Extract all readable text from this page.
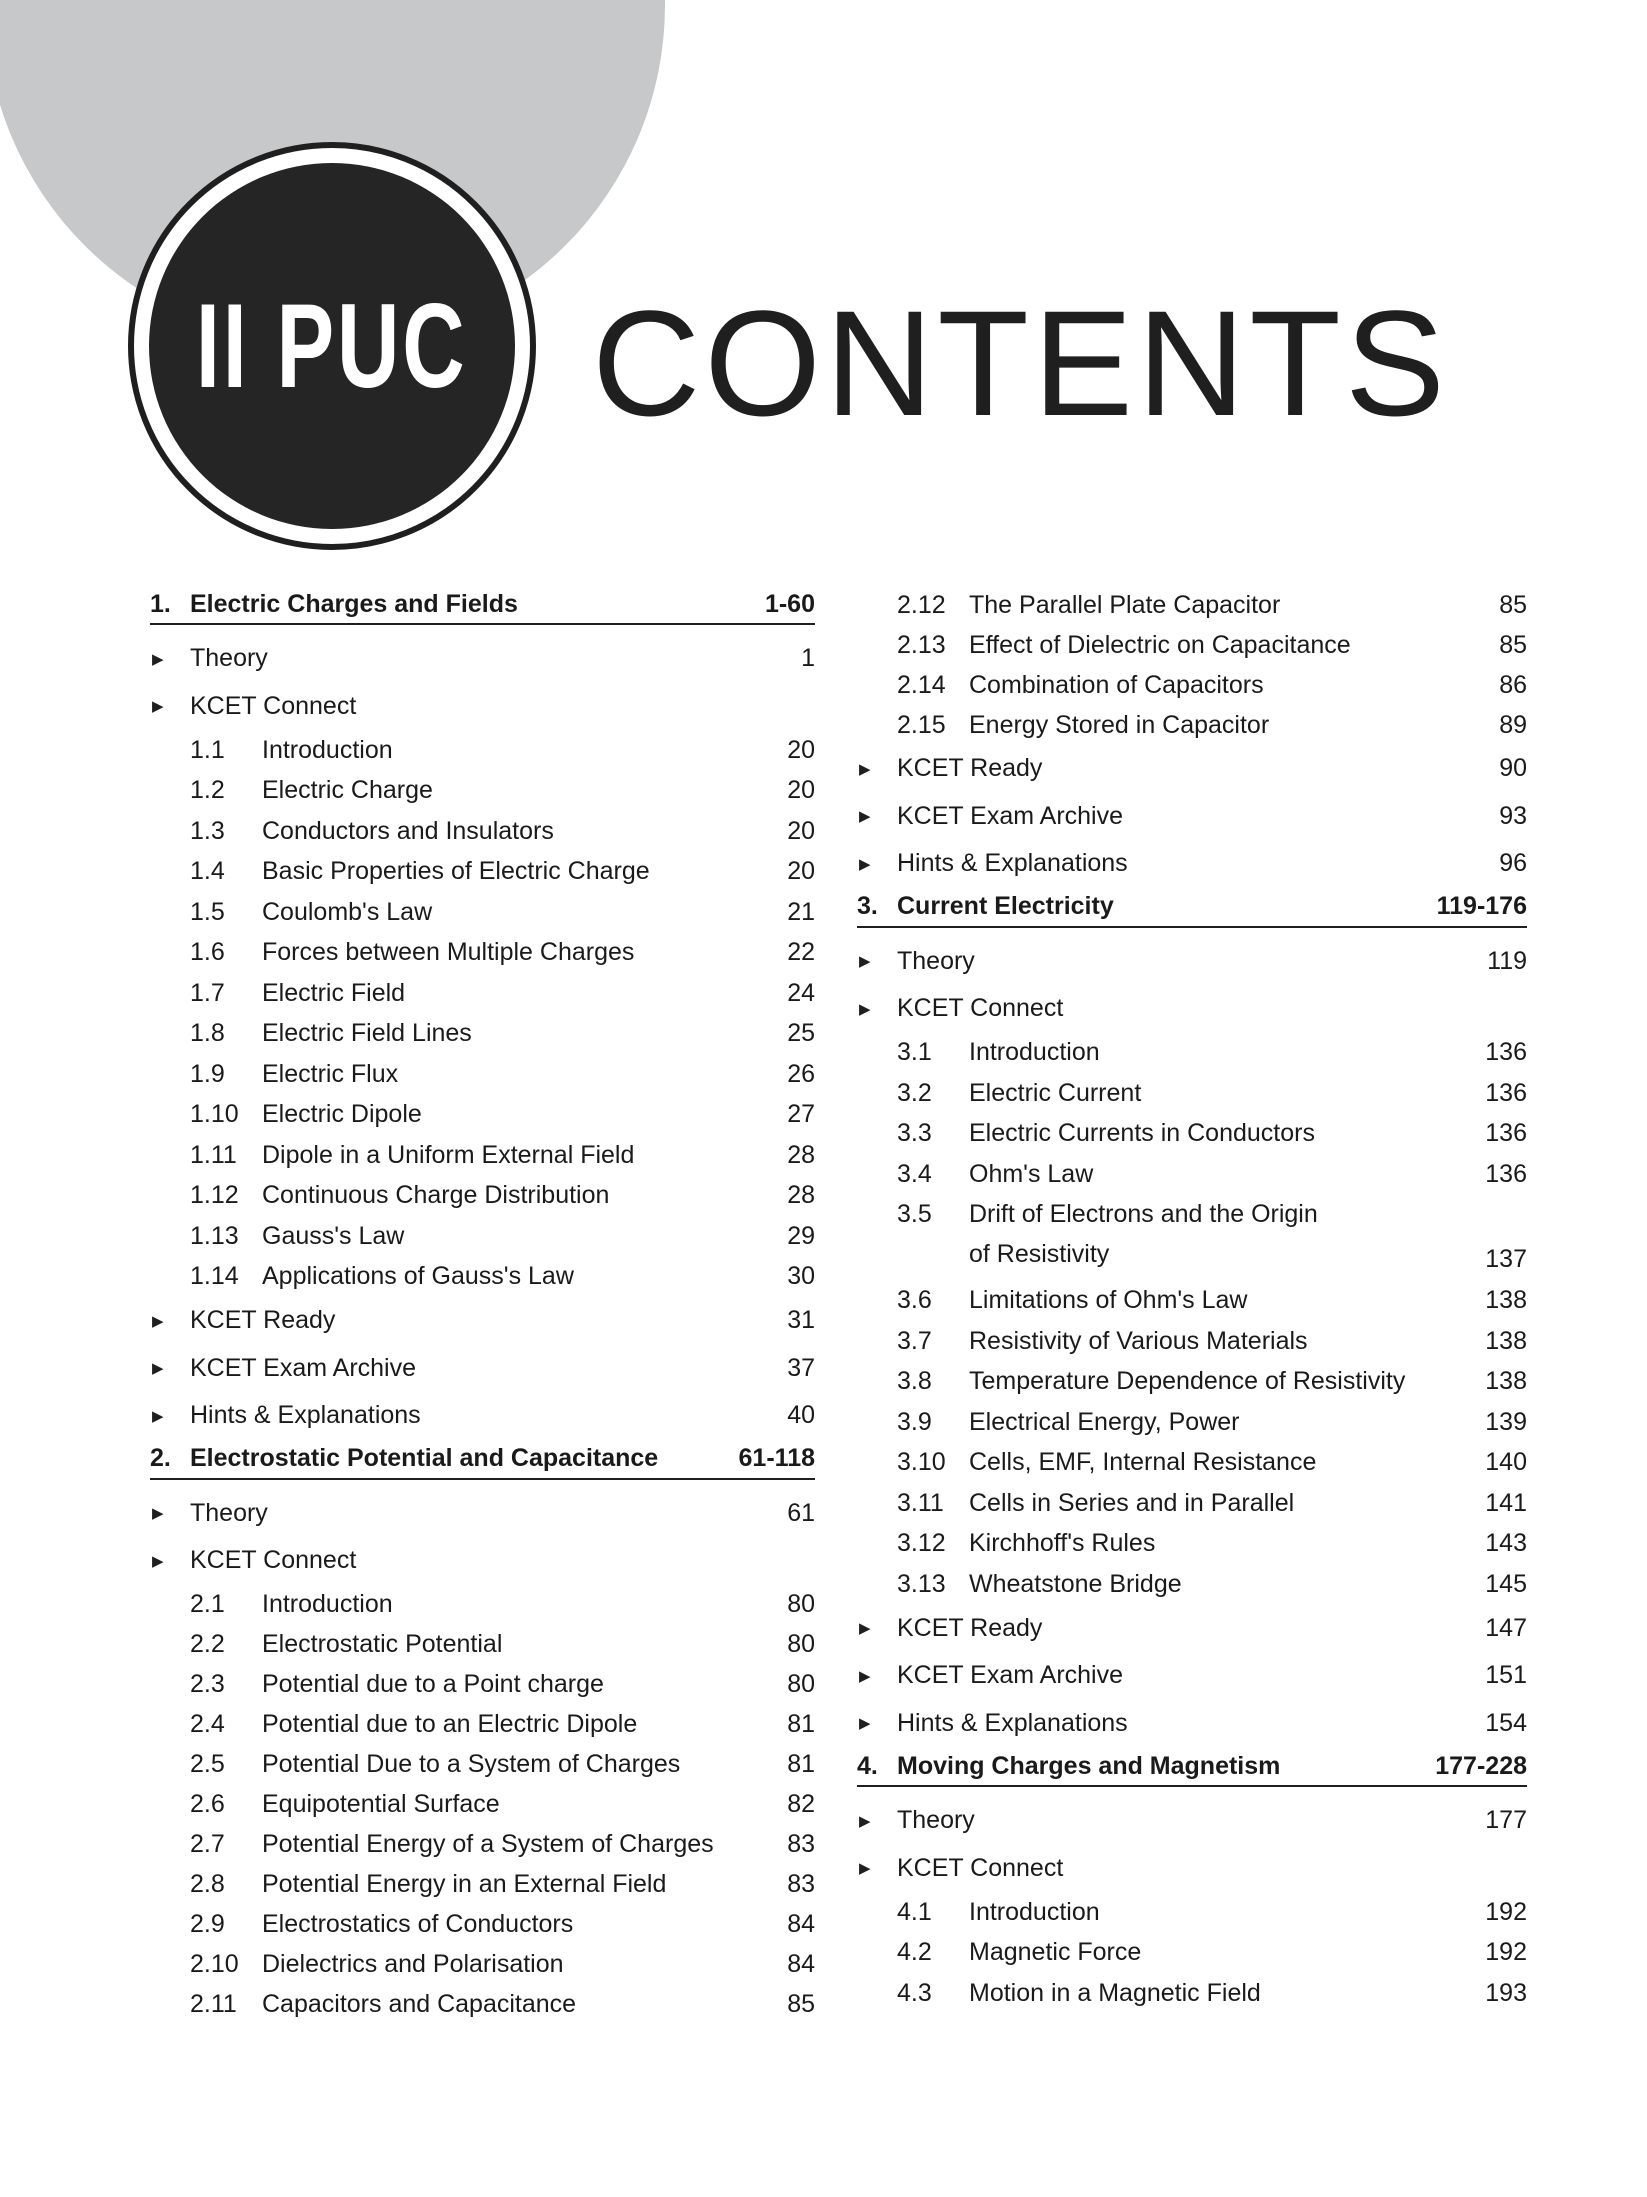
II PUC CONTENTS
1. Electric Charges and Fields	1-60
▶	Theory	1
▶	KCET Connect
1.1	Introduction	20
1.2	Electric Charge	20
1.3	Conductors and Insulators	20
1.4	Basic Properties of Electric Charge	20
1.5	Coulomb's Law	21
1.6	Forces between Multiple Charges	22
1.7	Electric Field	24
1.8	Electric Field Lines	25
1.9	Electric Flux	26
1.10 Electric Dipole	27
1.11	Dipole in a Uniform External Field	28
1.12 Continuous Charge Distribution	28
1.13 Gauss's Law	29
1.14 Applications of Gauss's Law	30
▶	KCET Ready	31
▶	KCET Exam Archive	37
▶	Hints & Explanations	40
2. Electrostatic Potential and Capacitance	61-118
▶	Theory	61
▶	KCET Connect
2.1	Introduction	80
2.2	Electrostatic Potential	80
2.3	Potential due to a Point charge	80
2.4	Potential due to an Electric Dipole	81
2.5	Potential Due to a System of Charges	81
2.6	Equipotential Surface	82
2.7	Potential Energy of a System of Charges	83
2.8	Potential Energy in an External Field	83
2.9	Electrostatics of Conductors	84
2.10 Dielectrics and Polarisation	84
2.11	Capacitors and Capacitance	85
2.12 The Parallel Plate Capacitor	85
2.13 Effect of Dielectric on Capacitance	85
2.14 Combination of Capacitors	86
2.15 Energy Stored in Capacitor	89
▶	KCET Ready	90
▶	KCET Exam Archive	93
▶	Hints & Explanations	96
3. Current Electricity	119-176
▶	Theory	119
▶	KCET Connect
3.1	Introduction	136
3.2	Electric Current	136
3.3	Electric Currents in Conductors	136
3.4	Ohm's Law	136
3.5	Drift of Electrons and the Origin
of Resistivity	137
3.6	Limitations of Ohm's Law	138
3.7	Resistivity of Various Materials	138
3.8	Temperature Dependence of Resistivity	138
3.9	Electrical Energy, Power	139
3.10 Cells, EMF, Internal Resistance	140
3.11	Cells in Series and in Parallel	141
3.12 Kirchhoff's Rules	143
3.13 Wheatstone Bridge	145
▶	KCET Ready	147
▶	KCET Exam Archive	151
▶	Hints & Explanations	154
4. Moving Charges and Magnetism	177-228
▶	Theory	177
▶	KCET Connect
4.1	Introduction	192
4.2	Magnetic Force	192
4.3	Motion in a Magnetic Field	193
